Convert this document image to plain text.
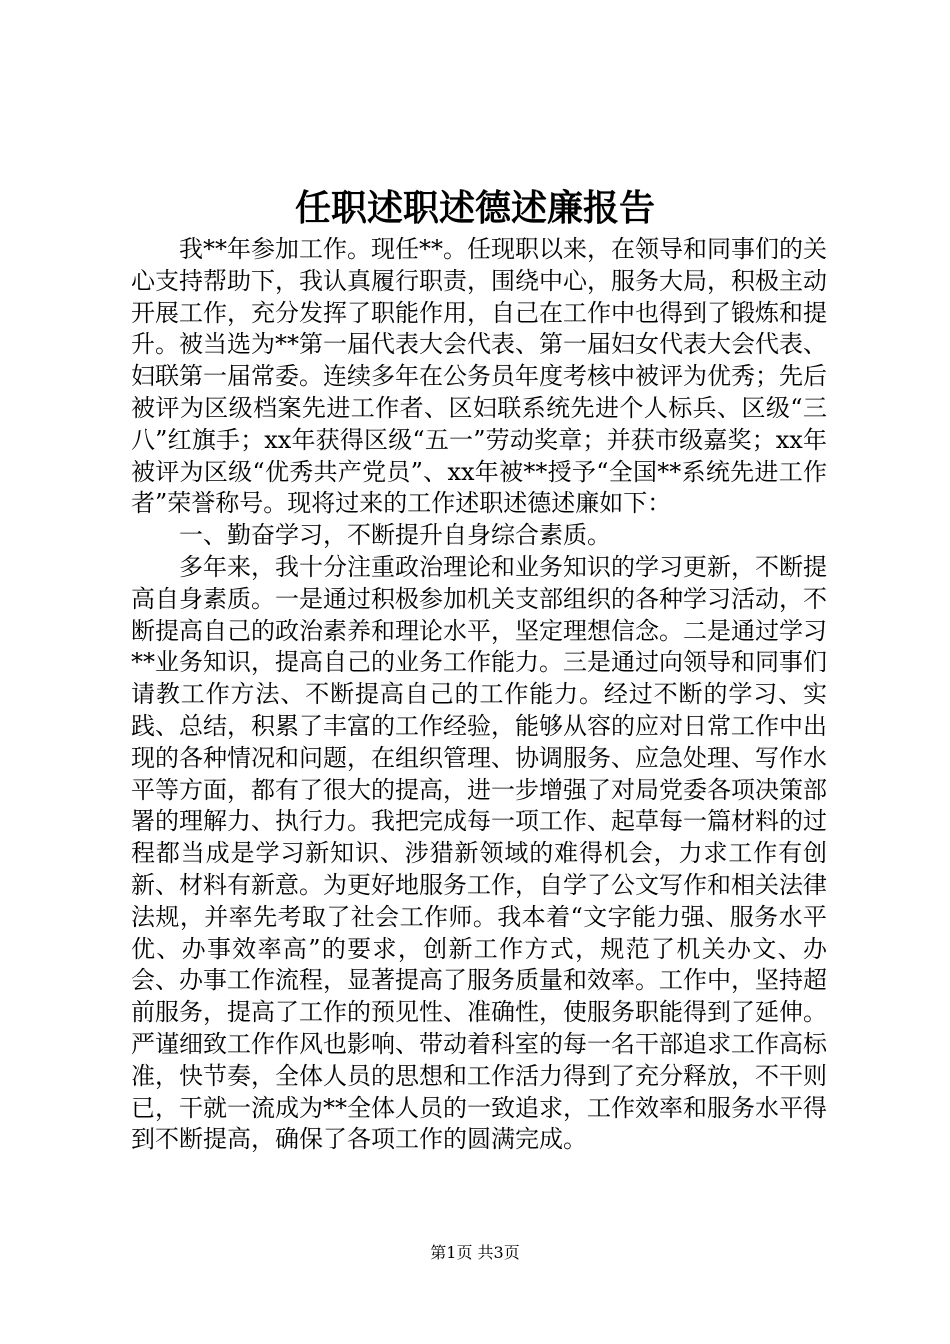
任职述职述德述廉报告

我**年参加工作。现任**。任现职以来，在领导和同事们的关心支持帮助下，我认真履行职责，围绕中心，服务大局，积极主动开展工作，充分发挥了职能作用，自己在工作中也得到了锻炼和提升。被当选为**第一届代表大会代表、第一届妇女代表大会代表、妇联第一届常委。连续多年在公务员年度考核中被评为优秀；先后被评为区级档案先进工作者、区妇联系统先进个人标兵、区级“三八”红旗手；xx年获得区级“五一”劳动奖章；并获市级嘉奖；xx年被评为区级“优秀共产党员”、xx年被**授予“全国**系统先进工作者”荣誉称号。现将过来的工作述职述德述廉如下：

一、勤奋学习，不断提升自身综合素质。

多年来，我十分注重政治理论和业务知识的学习更新，不断提高自身素质。一是通过积极参加机关支部组织的各种学习活动，不断提高自己的政治素养和理论水平，坚定理想信念。二是通过学习**业务知识，提高自己的业务工作能力。三是通过向领导和同事们请教工作方法、不断提高自己的工作能力。经过不断的学习、实践、总结，积累了丰富的工作经验，能够从容的应对日常工作中出现的各种情况和问题，在组织管理、协调服务、应急处理、写作水平等方面，都有了很大的提高，进一步增强了对局党委各项决策部署的理解力、执行力。我把完成每一项工作、起草每一篇材料的过程都当成是学习新知识、涉猎新领域的难得机会，力求工作有创新、材料有新意。为更好地服务工作，自学了公文写作和相关法律法规，并率先考取了社会工作师。我本着“文字能力强、服务水平优、办事效率高”的要求，创新工作方式，规范了机关办文、办会、办事工作流程，显著提高了服务质量和效率。工作中，坚持超前服务，提高了工作的预见性、准确性，使服务职能得到了延伸。严谨细致工作作风也影响、带动着科室的每一名干部追求工作高标准，快节奏，全体人员的思想和工作活力得到了充分释放，不干则已，干就一流成为**全体人员的一致追求，工作效率和服务水平得到不断提高，确保了各项工作的圆满完成。

第1页 共3页
